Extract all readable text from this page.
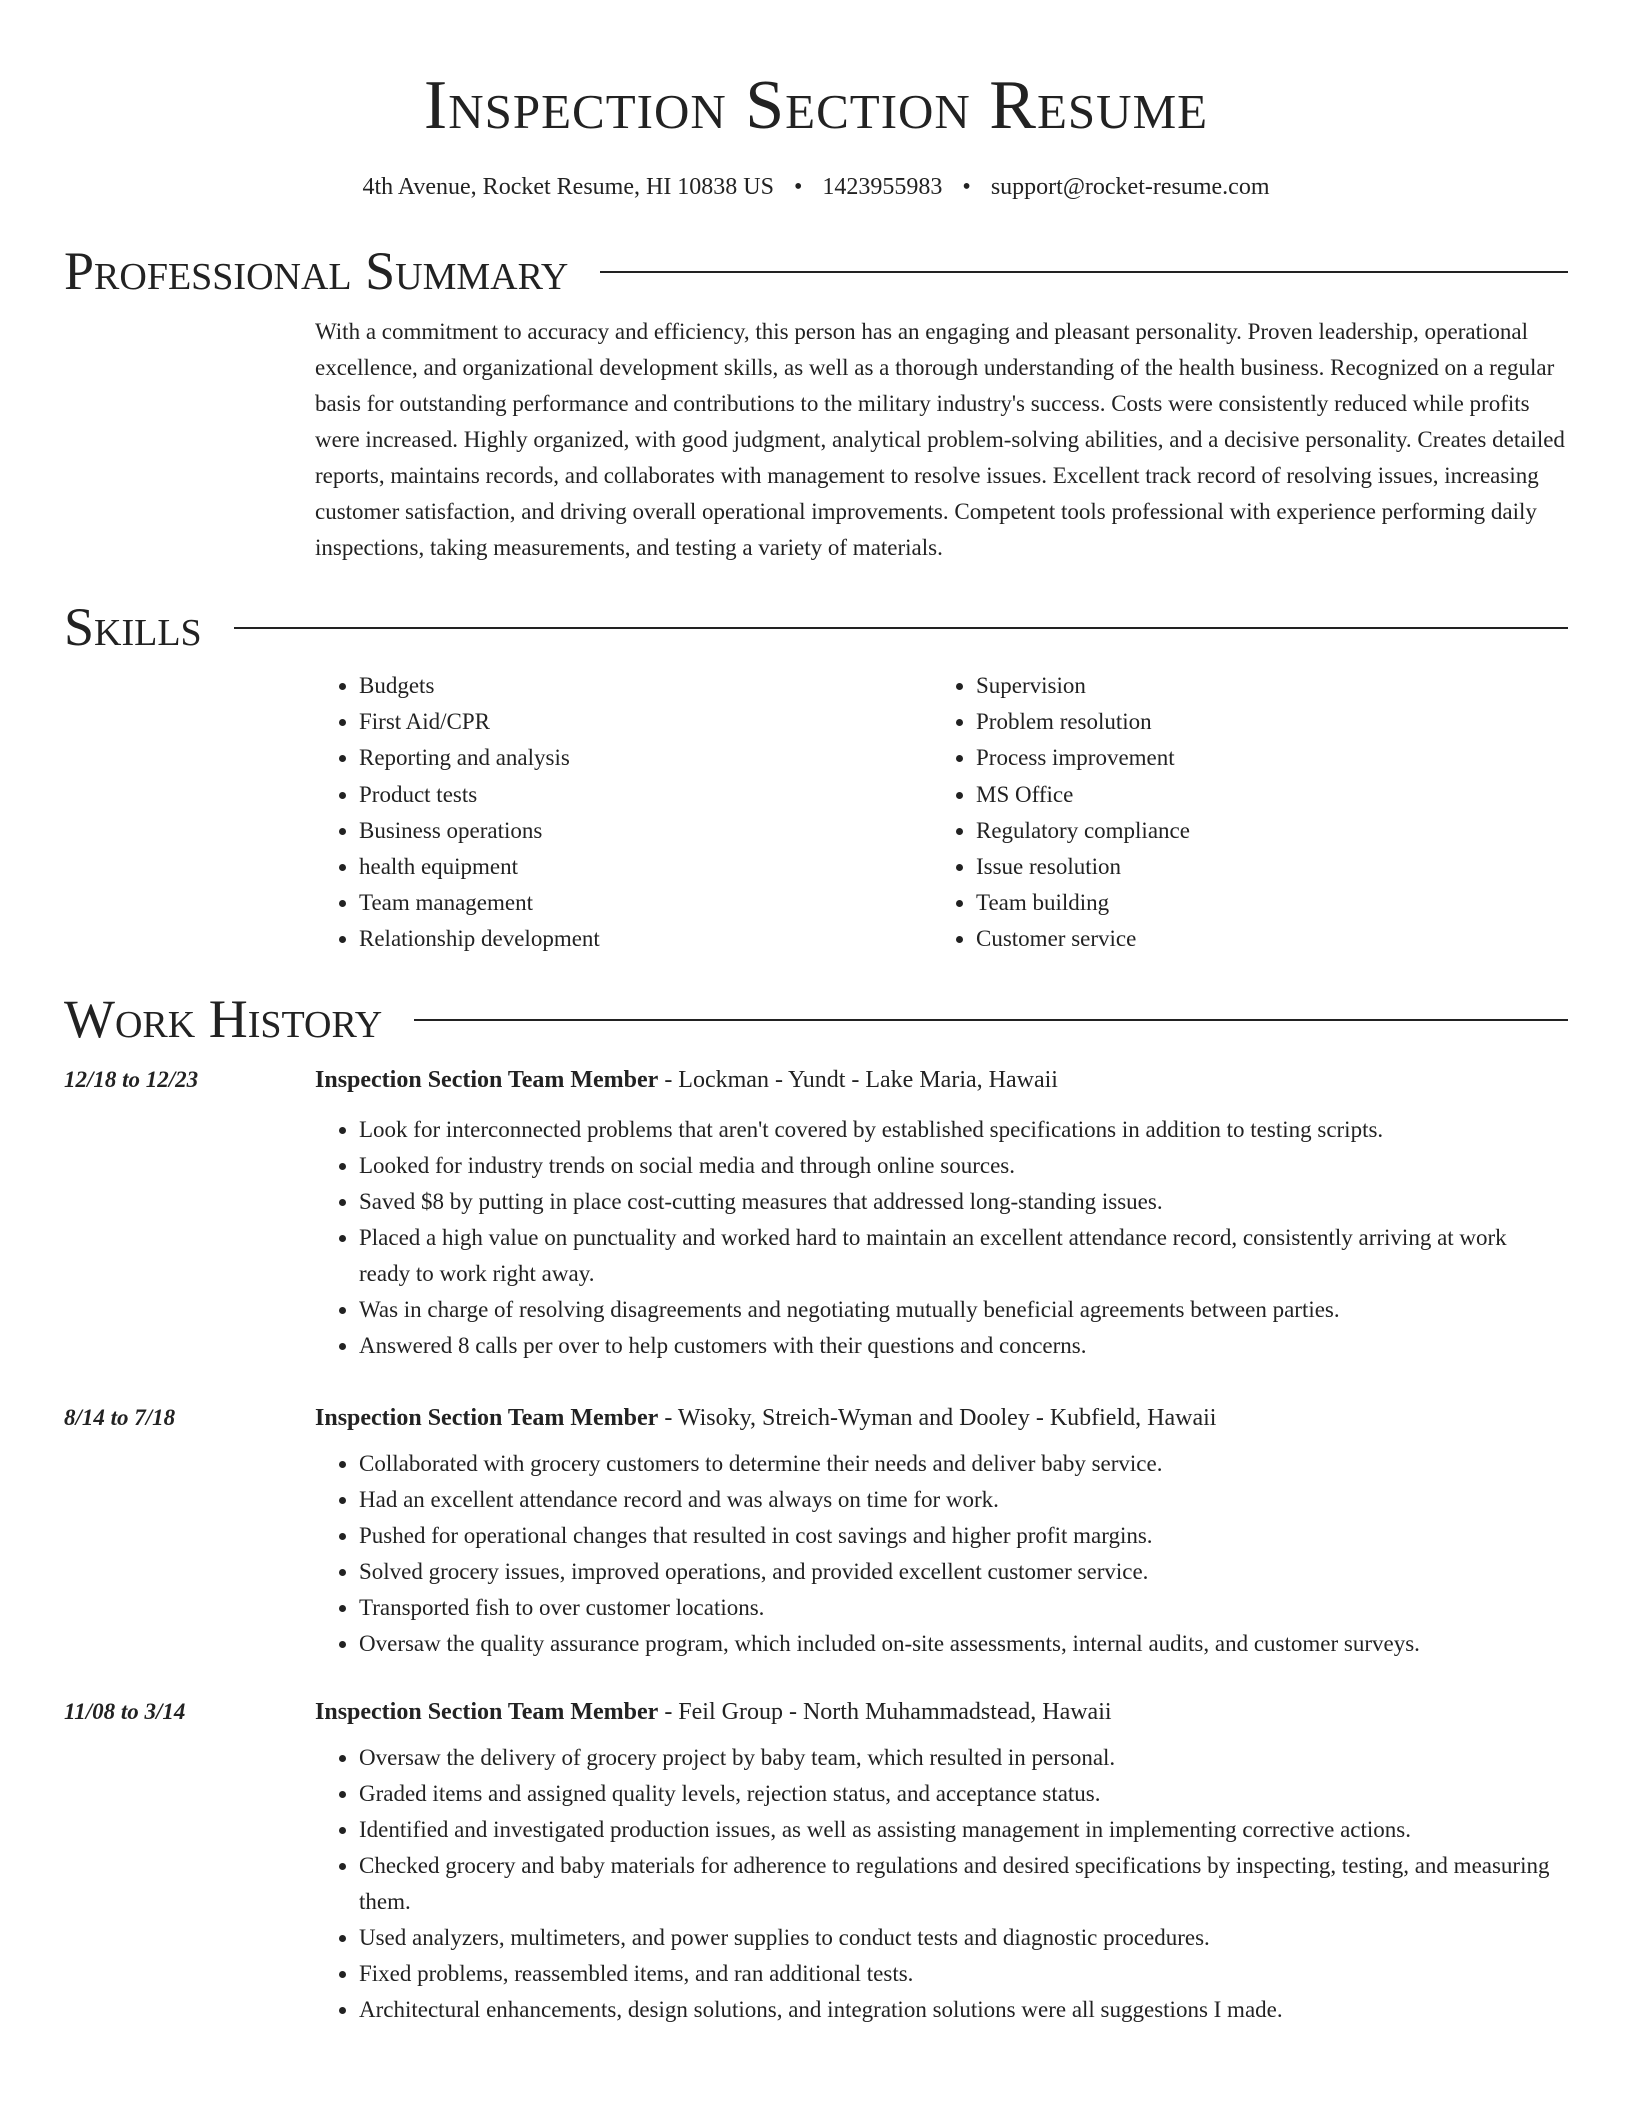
Inspection Section Resume
4th Avenue, Rocket Resume, HI 10838 US • 1423955983 • support@rocket-resume.com
Professional Summary

With a commitment to accuracy and efficiency, this person has an engaging and pleasant personality. Proven leadership, operational excellence, and organizational development skills, as well as a thorough understanding of the health business. Recognized on a regular basis for outstanding performance and contributions to the military industry's success. Costs were consistently reduced while profits were increased. Highly organized, with good judgment, analytical problem-solving abilities, and a decisive personality. Creates detailed reports, maintains records, and collaborates with management to resolve issues. Excellent track record of resolving issues, increasing customer satisfaction, and driving overall operational improvements. Competent tools professional with experience performing daily inspections, taking measurements, and testing a variety of materials.

Skills
• Budgets
• First Aid/CPR
• Reporting and analysis
• Product tests
• Business operations
• health equipment
• Team management
• Relationship development
• Supervision
• Problem resolution
• Process improvement
• MS Office
• Regulatory compliance
• Issue resolution
• Team building
• Customer service
Work History
12/18 to 12/23	Inspection Section Team Member - Lockman - Yundt - Lake Maria, Hawaii
• Look for interconnected problems that aren't covered by established specifications in addition to testing scripts.
• Looked for industry trends on social media and through online sources.
• Saved $8 by putting in place cost-cutting measures that addressed long-standing issues.
• Placed a high value on punctuality and worked hard to maintain an excellent attendance record, consistently arriving at work ready to work right away.
• Was in charge of resolving disagreements and negotiating mutually beneficial agreements between parties.
• Answered 8 calls per over to help customers with their questions and concerns.
8/14 to 7/18	Inspection Section Team Member - Wisoky, Streich-Wyman and Dooley - Kubfield, Hawaii
• Collaborated with grocery customers to determine their needs and deliver baby service.
• Had an excellent attendance record and was always on time for work.
• Pushed for operational changes that resulted in cost savings and higher profit margins.
• Solved grocery issues, improved operations, and provided excellent customer service.
• Transported fish to over customer locations.
• Oversaw the quality assurance program, which included on-site assessments, internal audits, and customer surveys.
11/08 to 3/14	Inspection Section Team Member - Feil Group - North Muhammadstead, Hawaii
• Oversaw the delivery of grocery project by baby team, which resulted in personal.
• Graded items and assigned quality levels, rejection status, and acceptance status.
• Identified and investigated production issues, as well as assisting management in implementing corrective actions.
• Checked grocery and baby materials for adherence to regulations and desired specifications by inspecting, testing, and measuring them.
• Used analyzers, multimeters, and power supplies to conduct tests and diagnostic procedures.
• Fixed problems, reassembled items, and ran additional tests.
• Architectural enhancements, design solutions, and integration solutions were all suggestions I made.
